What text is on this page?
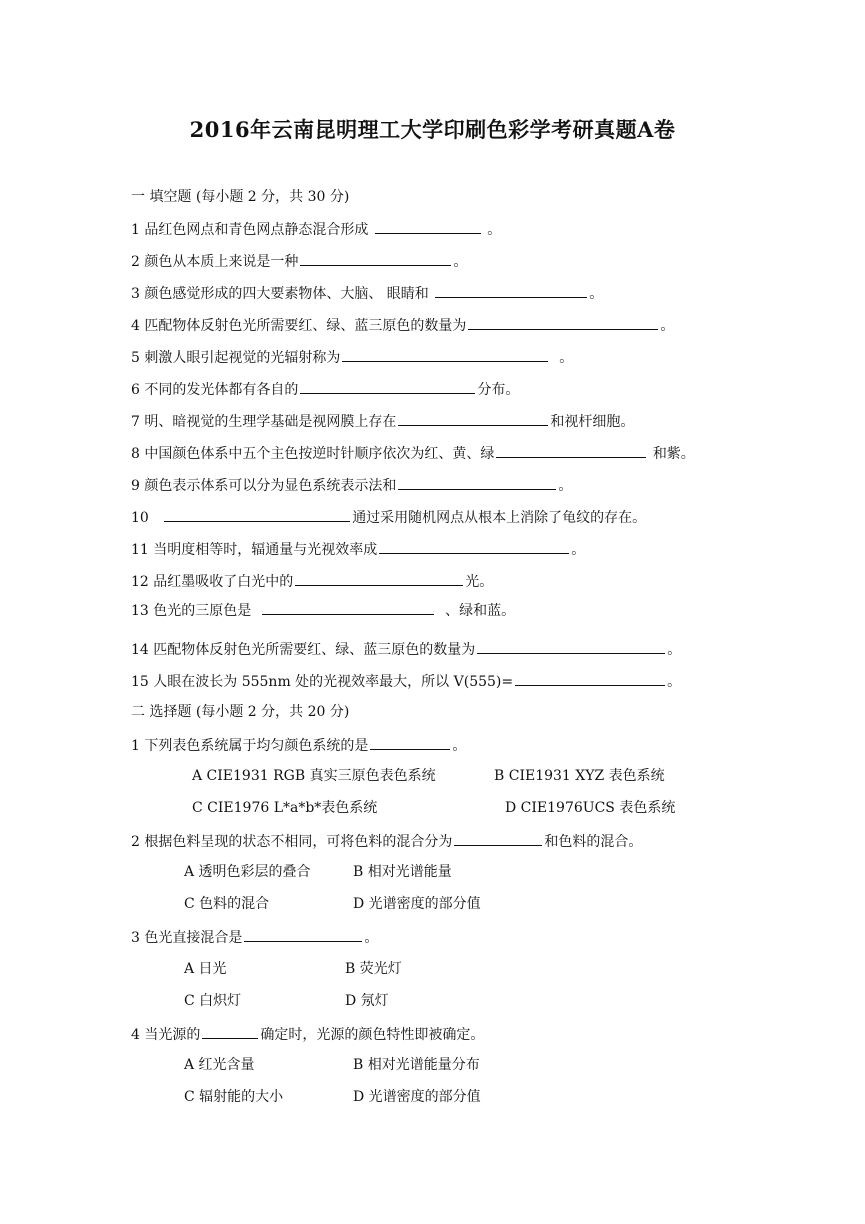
2016年云南昆明理工大学印刷色彩学考研真题A卷
一 填空题 (每小题 2 分，共 30 分)
1 品红色网点和青色网点静态混合形成	。
2 颜色从本质上来说是一种	。
3 颜色感觉形成的四大要素物体、大脑、 眼睛和	。
4 匹配物体反射色光所需要红、绿、蓝三原色的数量为	。
5 刺激人眼引起视觉的光辐射称为	。
6 不同的发光体都有各自的	分布。
7 明、暗视觉的生理学基础是视网膜上存在	和视杆细胞。
8 中国颜色体系中五个主色按逆时针顺序依次为红、黄、绿	和紫。
9 颜色表示体系可以分为显色系统表示法和	。
10	通过采用随机网点从根本上消除了龟纹的存在。
11 当明度相等时，辐通量与光视效率成	。
12 品红墨吸收了白光中的	光。
13 色光的三原色是	、绿和蓝。
14 匹配物体反射色光所需要红、绿、蓝三原色的数量为	。
15 人眼在波长为 555nm 处的光视效率最大，所以 V(555)=	。
二 选择题 (每小题 2 分，共 20 分)
1 下列表色系统属于均匀颜色系统的是	。
A CIE1931 RGB 真实三原色表色系统	B CIE1931 XYZ 表色系统
C CIE1976 L*a*b*表色系统	D CIE1976UCS 表色系统
2 根据色料呈现的状态不相同，可将色料的混合分为	和色料的混合。
A 透明色彩层的叠合	B 相对光谱能量
C 色料的混合	D 光谱密度的部分值
3 色光直接混合是	。
A 日光	B 荧光灯
C 白炽灯	D 氖灯
4 当光源的	确定时，光源的颜色特性即被确定。
A 红光含量	B 相对光谱能量分布
C 辐射能的大小	D 光谱密度的部分值
